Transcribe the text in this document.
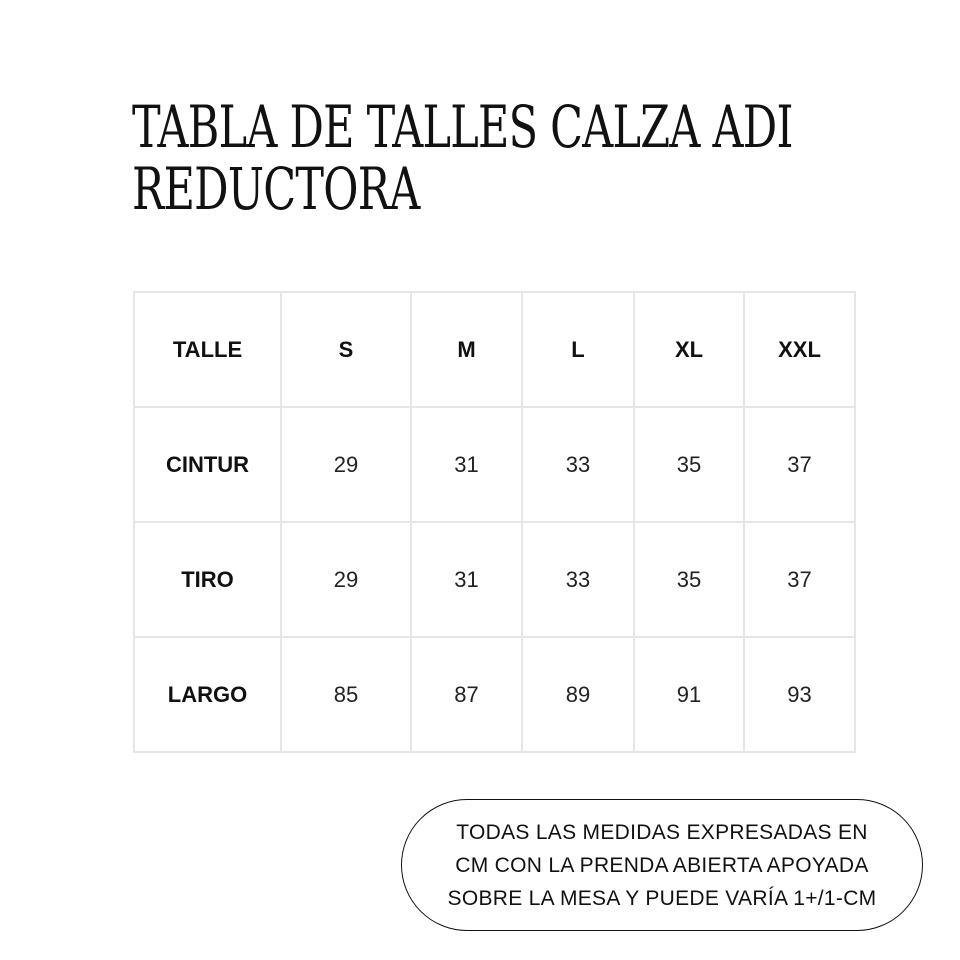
TABLA DE TALLES CALZA ADI
REDUCTORA
TALLE	S	M	L	XL	XXL
CINTUR	29	31	33	35	37
TIRO	29	31	33	35	37
LARGO	85	87	89	91	93
TODAS LAS MEDIDAS EXPRESADAS EN
CM CON LA PRENDA ABIERTA APOYADA
SOBRE LA MESA Y PUEDE VARÍA 1+/1-CM
